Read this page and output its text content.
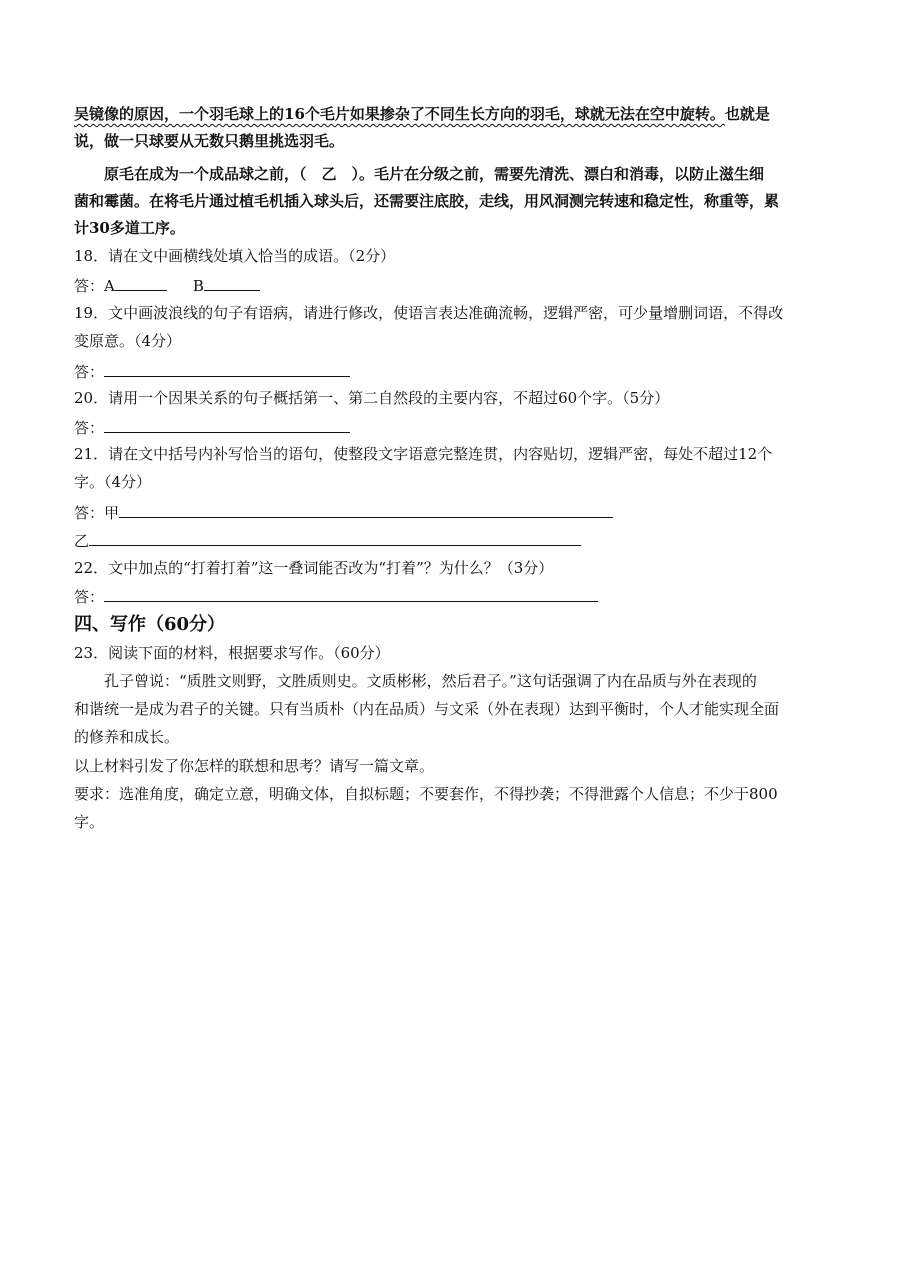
吴镜像的原因，一个羽毛球上的16个毛片如果掺杂了不同生长方向的羽毛，球就无法在空中旋转。也就是
说，做一只球要从无数只鹅里挑选羽毛。
原毛在成为一个成品球之前，（　乙　）。毛片在分级之前，需要先清洗、漂白和消毒，以防止滋生细
菌和霉菌。在将毛片通过植毛机插入球头后，还需要注底胶，走线，用风洞测完转速和稳定性，称重等，累
计30多道工序。
18．请在文中画横线处填入恰当的成语。（2分）
答：A	B
19．文中画波浪线的句子有语病，请进行修改，使语言表达准确流畅，逻辑严密，可少量增删词语，不得改
变原意。（4分）
答：
20．请用一个因果关系的句子概括第一、第二自然段的主要内容，不超过60个字。（5分）
答：
21．请在文中括号内补写恰当的语句，使整段文字语意完整连贯，内容贴切，逻辑严密，每处不超过12个
字。（4分）
答：甲
乙
22．文中加点的“打着打着”这一叠词能否改为“打着”？为什么？（3分）
答：
四、写作（60分）
23．阅读下面的材料，根据要求写作。（60分）
孔子曾说：“质胜文则野，文胜质则史。文质彬彬，然后君子。”这句话强调了内在品质与外在表现的
和谐统一是成为君子的关键。只有当质朴（内在品质）与文采（外在表现）达到平衡时，个人才能实现全面
的修养和成长。
以上材料引发了你怎样的联想和思考？请写一篇文章。
要求：选准角度，确定立意，明确文体，自拟标题；不要套作，不得抄袭；不得泄露个人信息；不少于800
字。
